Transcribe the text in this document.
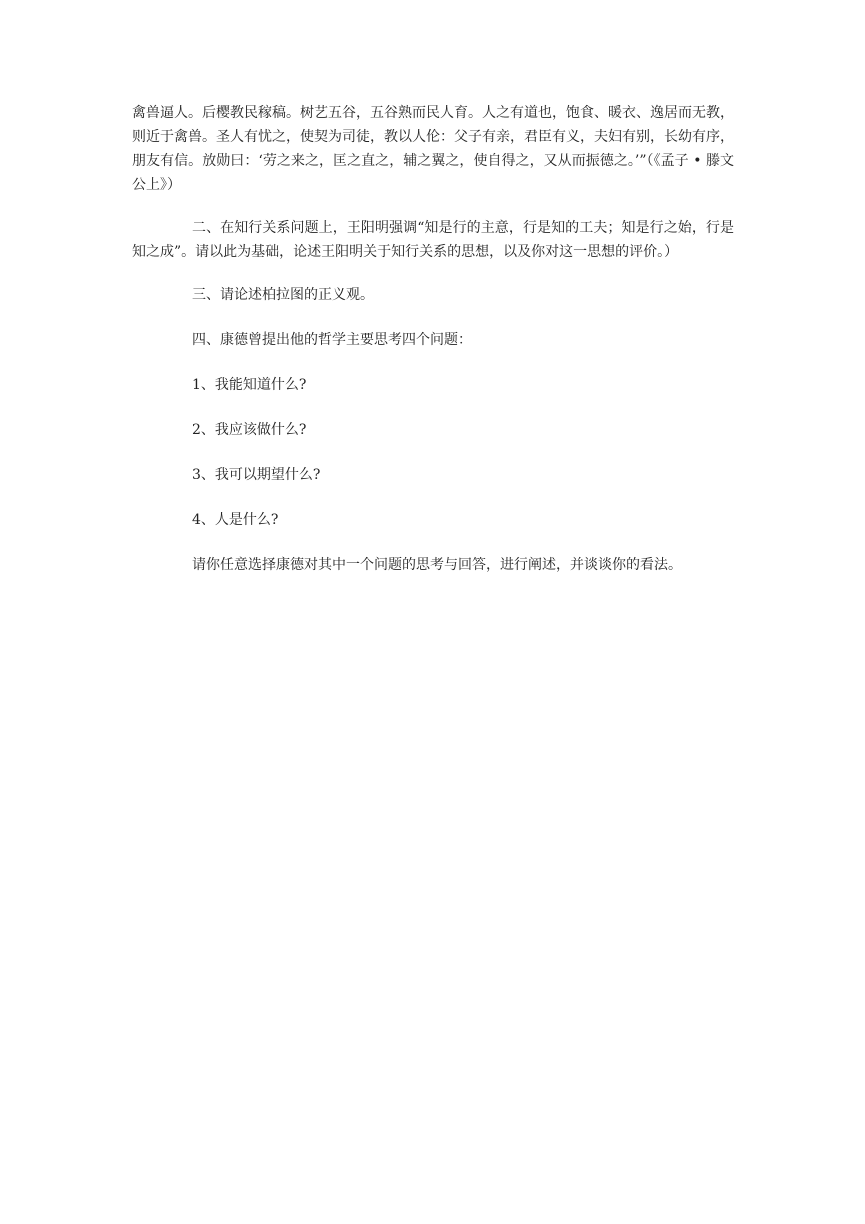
禽兽逼人。后樱教民稼稿。树艺五谷，五谷熟而民人育。人之有道也，饱食、暖衣、逸居而无教，则近于禽兽。圣人有忧之，使契为司徒，教以人伦：父子有亲，君臣有义，夫妇有别，长幼有序，朋友有信。放勋曰：‘劳之来之，匡之直之，辅之翼之，使自得之，又从而振德之。’”（《孟子 • 滕文公上》）

二、在知行关系问题上，王阳明强调“知是行的主意，行是知的工夫；知是行之始，行是知之成”。请以此为基础，论述王阳明关于知行关系的思想，以及你对这一思想的评价。）

三、请论述柏拉图的正义观。

四、康德曾提出他的哲学主要思考四个问题：

1、我能知道什么?

2、我应该做什么?

3、我可以期望什么?

4、人是什么?

请你任意选择康德对其中一个问题的思考与回答，进行阐述，并谈谈你的看法。
